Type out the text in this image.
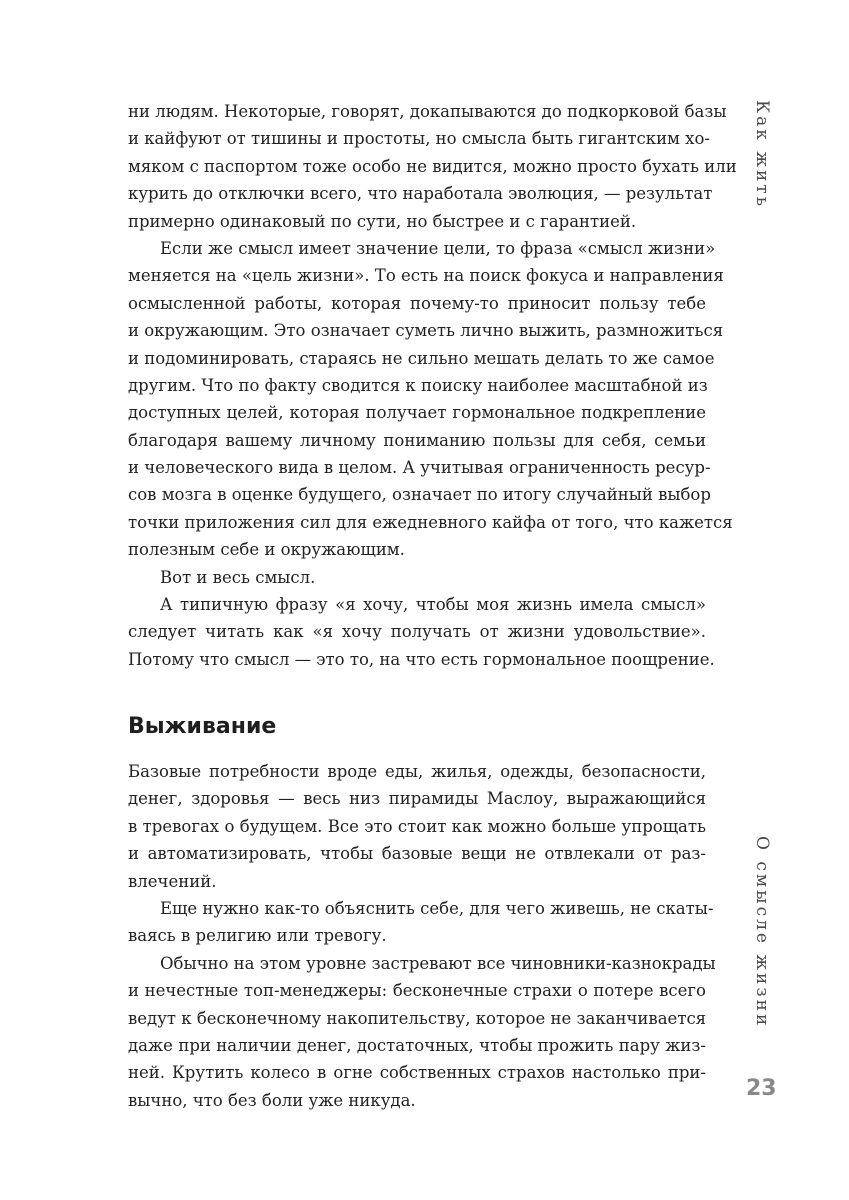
ни людям. Некоторые, говорят, докапываются до подкорковой базы
и кайфуют от тишины и простоты, но смысла быть гигантским хо-
мяком с паспортом тоже особо не видится, можно просто бухать или
курить до отключки всего, что наработала эволюция, — результат
примерно одинаковый по сути, но быстрее и с гарантией.
Если же смысл имеет значение цели, то фраза «смысл жизни»
меняется на «цель жизни». То есть на поиск фокуса и направления
осмысленной работы, которая почему-то приносит пользу тебе
и окружающим. Это означает суметь лично выжить, размножиться
и подоминировать, стараясь не сильно мешать делать то же самое
другим. Что по факту сводится к поиску наиболее масштабной из
доступных целей, которая получает гормональное подкрепление
благодаря вашему личному пониманию пользы для себя, семьи
и человеческого вида в целом. А учитывая ограниченность ресур-
сов мозга в оценке будущего, означает по итогу случайный выбор
точки приложения сил для ежедневного кайфа от того, что кажется
полезным себе и окружающим.
Вот и весь смысл.
А типичную фразу «я хочу, чтобы моя жизнь имела смысл»
следует читать как «я хочу получать от жизни удовольствие».
Потому что смысл — это то, на что есть гормональное поощрение.
Выживание
Базовые потребности вроде еды, жилья, одежды, безопасности,
денег, здоровья — весь низ пирамиды Маслоу, выражающийся
в тревогах о будущем. Все это стоит как можно больше упрощать
и автоматизировать, чтобы базовые вещи не отвлекали от раз-
влечений.
Еще нужно как-то объяснить себе, для чего живешь, не скаты-
ваясь в религию или тревогу.
Обычно на этом уровне застревают все чиновники-казнокрады
и нечестные топ-менеджеры: бесконечные страхи о потере всего
ведут к бесконечному накопительству, которое не заканчивается
даже при наличии денег, достаточных, чтобы прожить пару жиз-
ней. Крутить колесо в огне собственных страхов настолько при-
вычно, что без боли уже никуда.
Как жить
О смысле жизни
23
